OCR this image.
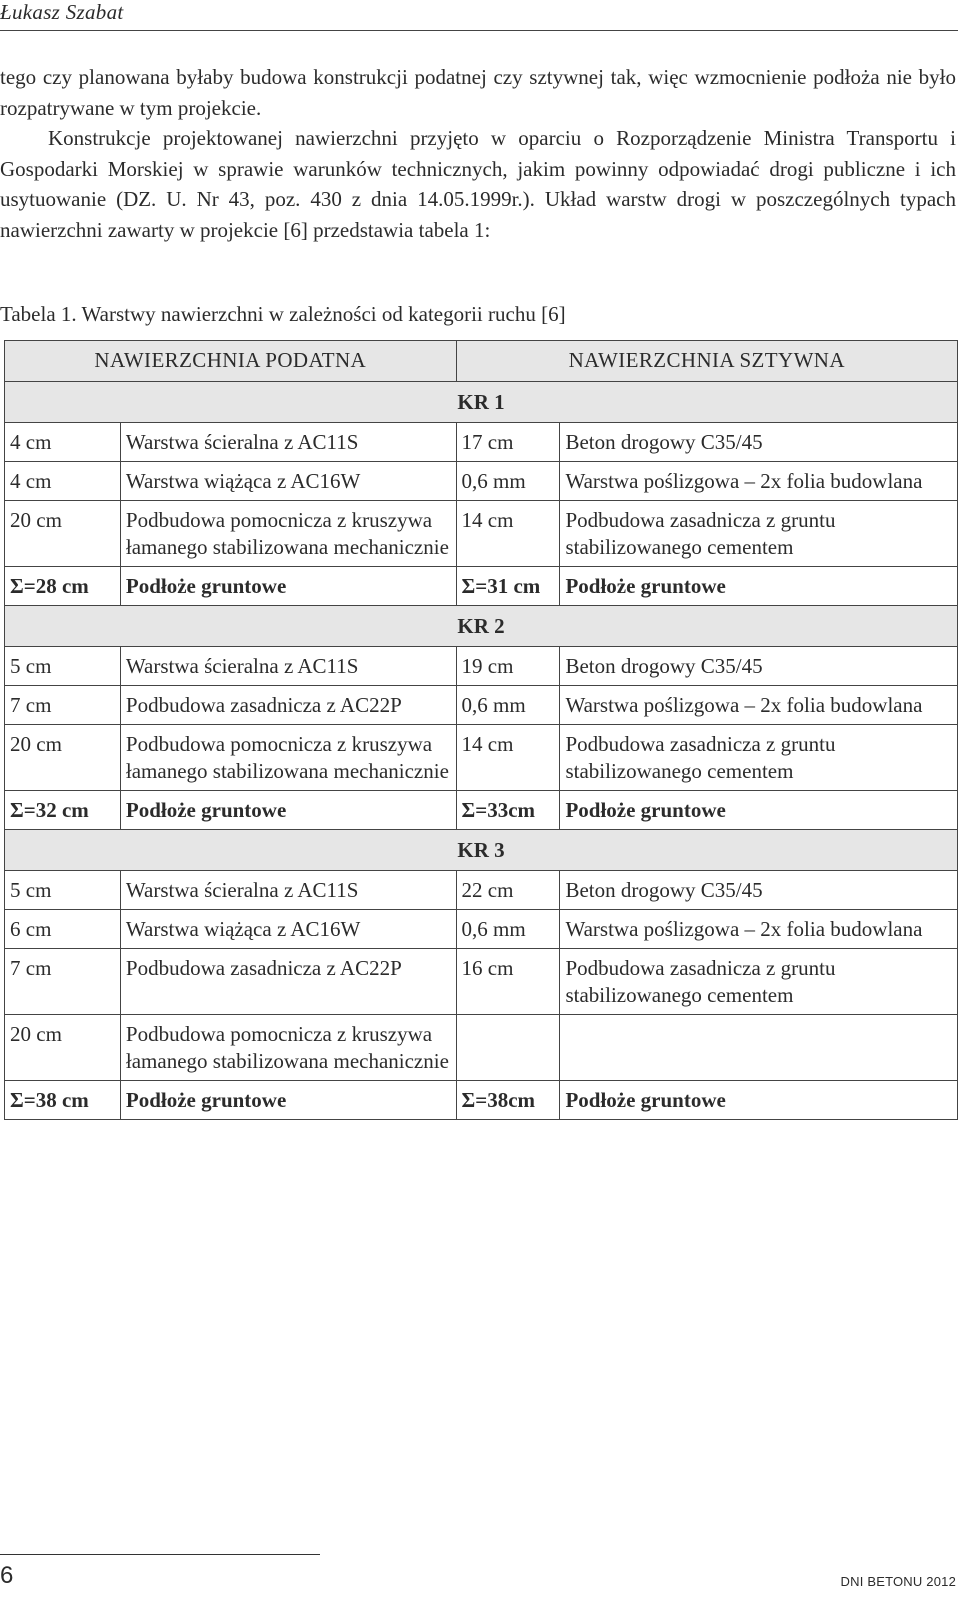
Łukasz Szabat

tego czy planowana byłaby budowa konstrukcji podatnej czy sztywnej tak, więc wzmocnienie podłoża nie było rozpatrywane w tym projekcie.

Konstrukcje projektowanej nawierzchni przyjęto w oparciu o Rozporządzenie Ministra Transportu i Gospodarki Morskiej w sprawie warunków technicznych, jakim powinny odpowiadać drogi publiczne i ich usytuowanie (DZ. U. Nr 43, poz. 430 z dnia 14.05.1999r.). Układ warstw drogi w poszczególnych typach nawierzchni zawarty w projekcie [6] przedstawia tabela 1:

Tabela 1. Warstwy nawierzchni w zależności od kategorii ruchu [6]
NAWIERZCHNIA PODATNA		NAWIERZCHNIA SZTYWNA	
KR 1			
4 cm	Warstwa ścieralna z AC11S	17 cm	Beton drogowy C35/45
4 cm	Warstwa wiążąca z AC16W	0,6 mm	Warstwa poślizgowa – 2x folia budowlana
20 cm	Podbudowa pomocnicza z kruszywa łamanego stabilizowana mechanicznie	14 cm	Podbudowa zasadnicza z gruntu stabilizowanego cementem
Σ=28 cm	Podłoże gruntowe	Σ=31 cm	Podłoże gruntowe
KR 2			
5 cm	Warstwa ścieralna z AC11S	19 cm	Beton drogowy C35/45
7 cm	Podbudowa zasadnicza z AC22P	0,6 mm	Warstwa poślizgowa – 2x folia budowlana
20 cm	Podbudowa pomocnicza z kruszywa łamanego stabilizowana mechanicznie	14 cm	Podbudowa zasadnicza z gruntu stabilizowanego cementem
Σ=32 cm	Podłoże gruntowe	Σ=33cm	Podłoże gruntowe
KR 3			
5 cm	Warstwa ścieralna z AC11S	22 cm	Beton drogowy C35/45
6 cm	Warstwa wiążąca z AC16W	0,6 mm	Warstwa poślizgowa – 2x folia budowlana
7 cm	Podbudowa zasadnicza z AC22P	16 cm	Podbudowa zasadnicza z gruntu stabilizowanego cementem
20 cm	Podbudowa pomocnicza z kruszywa łamanego stabilizowana mechanicznie		
Σ=38 cm	Podłoże gruntowe	Σ=38cm	Podłoże gruntowe
6	DNI BETONU 2012
